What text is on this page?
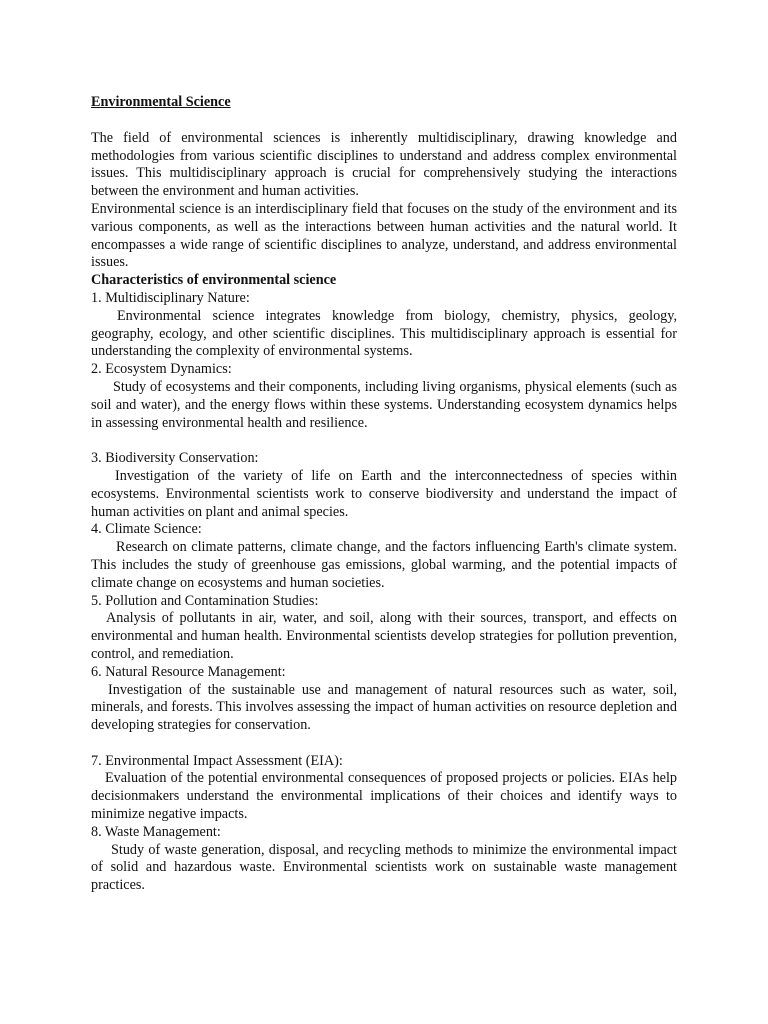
Environmental Science

The field of environmental sciences is inherently multidisciplinary, drawing knowledge and methodologies from various scientific disciplines to understand and address complex environmental issues. This multidisciplinary approach is crucial for comprehensively studying the interactions between the environment and human activities.

Environmental science is an interdisciplinary field that focuses on the study of the environment and its various components, as well as the interactions between human activities and the natural world. It encompasses a wide range of scientific disciplines to analyze, understand, and address environmental issues.

Characteristics of environmental science
1. Multidisciplinary Nature:
Environmental science integrates knowledge from biology, chemistry, physics, geology, geography, ecology, and other scientific disciplines. This multidisciplinary approach is essential for understanding the complexity of environmental systems.
2. Ecosystem Dynamics:
Study of ecosystems and their components, including living organisms, physical elements (such as soil and water), and the energy flows within these systems. Understanding ecosystem dynamics helps in assessing environmental health and resilience.
3. Biodiversity Conservation:
Investigation of the variety of life on Earth and the interconnectedness of species within ecosystems. Environmental scientists work to conserve biodiversity and understand the impact of human activities on plant and animal species.
4. Climate Science:
Research on climate patterns, climate change, and the factors influencing Earth's climate system. This includes the study of greenhouse gas emissions, global warming, and the potential impacts of climate change on ecosystems and human societies.
5. Pollution and Contamination Studies:
Analysis of pollutants in air, water, and soil, along with their sources, transport, and effects on environmental and human health. Environmental scientists develop strategies for pollution prevention, control, and remediation.
6. Natural Resource Management:
Investigation of the sustainable use and management of natural resources such as water, soil, minerals, and forests. This involves assessing the impact of human activities on resource depletion and developing strategies for conservation.
7. Environmental Impact Assessment (EIA):
Evaluation of the potential environmental consequences of proposed projects or policies. EIAs help decisionmakers understand the environmental implications of their choices and identify ways to minimize negative impacts.
8. Waste Management:
Study of waste generation, disposal, and recycling methods to minimize the environmental impact of solid and hazardous waste. Environmental scientists work on sustainable waste management practices.
